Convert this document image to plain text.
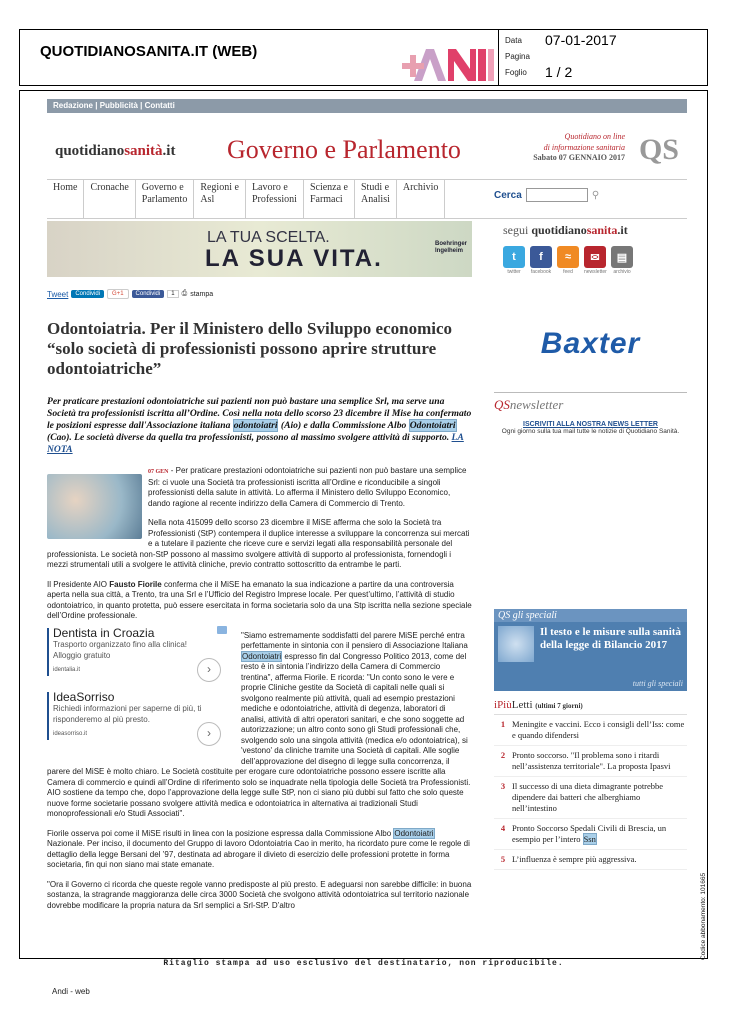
QUOTIDIANOSANITA.IT (WEB)
Data 07-01-2017
Pagina
Foglio 1 / 2
Redazione | Pubblicità | Contatti
quotidianosanità.it Governo e Parlamento	Quotidiano on line
di informazione sanitaria
Sabato 07 GENNAIO 2017 QS
Home Cronache Governo e
Parlamento
Regioni e
Asl
Lavoro e
Professioni
Scienza e
Farmaci
Studi e
Analisi
Archivio
Cerca	⚲
LA TUA SCELTA.
LA SUA VITA.
Boehringer
Ingelheim
segui quotidianosanita.it
t	f	≈	✉	▤
twitter	facebook	feed	newsletter	archivio
Tweet	Condividi	G+1	Condividi	1	⎙ stampa
Odontoiatria. Per il Ministero dello Sviluppo economico “solo società di professionisti possono aprire strutture odontoiatriche”
Per praticare prestazioni odontoiatriche sui pazienti non può bastare una semplice Srl, ma serve una Società tra professionisti iscritta all’Ordine. Così nella nota dello scorso 23 dicembre il Mise ha confermato le posizioni espresse dall'Associazione italiana odontoiatri (Aio) e dalla Commissione Albo Odontoiatri (Cao). Le società diverse da quella tra professionisti, possono al massimo svolgere attività di supporto. LA NOTA

07 GEN - Per praticare prestazioni odontoiatriche sui pazienti non può bastare una semplice Srl: ci vuole una Società tra professionisti iscritta all’Ordine e riconducibile a singoli professionisti della salute in attività. Lo afferma il Ministero dello Sviluppo Economico, dando ragione al recente indirizzo della Camera di Commercio di Trento.

Nella nota 415099 dello scorso 23 dicembre il MiSE afferma che solo la Società tra Professionisti (StP) contempera il duplice interesse a sviluppare la concorrenza sui mercati e a tutelare il paziente che riceve cure e servizi legati alla responsabilità personale del professionista. Le società non-StP possono al massimo svolgere attività di supporto al professionista, fornendogli i mezzi strumentali utili a svolgere le attività cliniche, previo contratto sottoscritto da entrambe le parti.

Il Presidente AIO Fausto Fiorile conferma che il MiSE ha emanato la sua indicazione a partire da una controversia aperta nella sua città, a Trento, tra una Srl e l’Ufficio del Registro Imprese locale. Per quest’ultimo, l’attività di studio odontoiatrico, in quanto protetta, può essere esercitata in forma societaria solo da una Stp iscritta nella sezione speciale dell’Ordine professionale.

Dentista in Croazia
Trasporto organizzato fino alla clinica!
Alloggio gratuito
identalia.it	›
IdeaSorriso
Richiedi informazioni per saperne di più, ti
risponderemo al più presto.
ideasorriso.it	›

"Siamo estremamente soddisfatti del parere MiSE perché entra perfettamente in sintonia con il pensiero di Associazione Italiana Odontoiatri espresso fin dal Congresso Politico 2013, come del resto è in sintonia l’indirizzo della Camera di Commercio trentina", afferma Fiorile. E ricorda: "Un conto sono le vere e proprie Cliniche gestite da Società di capitali nelle quali si svolgono realmente più attività, quali ad esempio prestazioni mediche e odontoiatriche, attività di degenza, laboratori di analisi, attività di altri operatori sanitari, e che sono soggette ad autorizzazione; un altro conto sono gli Studi professionali che, svolgendo solo una singola attività (medica e/o odontoiatrica), si 'vestono' da cliniche tramite una Società di capitali. Alle soglie dell’approvazione del disegno di legge sulla concorrenza, il parere del MiSE è molto chiaro. Le Società costituite per erogare cure odontoiatriche possono essere iscritte alla Camera di commercio e quindi all’Ordine di riferimento solo se inquadrate nella tipologia delle Società tra Professionisti. AIO sostiene da tempo che, dopo l’approvazione della legge sulle StP, non ci siano più dubbi sul fatto che solo queste nuove forme societarie possano svolgere attività medica e odontoiatrica in alternativa ai tradizionali Studi monoprofessionali e/o Studi Associati".

Fiorile osserva poi come il MiSE risulti in linea con la posizione espressa dalla Commissione Albo Odontoiatri Nazionale. Per inciso, il documento del Gruppo di lavoro Odontoiatria Cao in merito, ha ricordato pure come le regole di dettaglio della legge Bersani del ’97, destinata ad abrogare il divieto di esercizio delle professioni protette in forma societaria, fin qui non siano mai state emanate.

"Ora il Governo ci ricorda che queste regole vanno predisposte al più presto. E adeguarsi non sarebbe difficile: in buona sostanza, la stragrande maggioranza delle circa 3000 Società che svolgono attività odontoiatrica sul territorio nazionale dovrebbe modificare la propria natura da Srl semplici a Srl-StP. D’altro

Baxter
QSnewsletter
ISCRIVITI ALLA NOSTRA NEWS LETTER
Ogni giorno sulla tua mail tutte le notizie di Quotidiano Sanità.
QS gli speciali
Il testo e le misure sulla sanità della legge di Bilancio 2017
tutti gli speciali
iPiùLetti (ultimi 7 giorni)
1 Meningite e vaccini. Ecco i consigli dell’Iss: come e quando difendersi
2 Pronto soccorso. "Il problema sono i ritardi nell’assistenza territoriale". La proposta Ipasvi
3 Il successo di una dieta dimagrante potrebbe dipendere dai batteri che alberghiamo nell’intestino
4 Pronto Soccorso Spedali Civili di Brescia, un esempio per l’intero Ssn
5 L’influenza è sempre più aggressiva.
Ritaglio stampa ad uso esclusivo del destinatario, non riproducibile.
Andi - web
Codice abbonamento: 101665
